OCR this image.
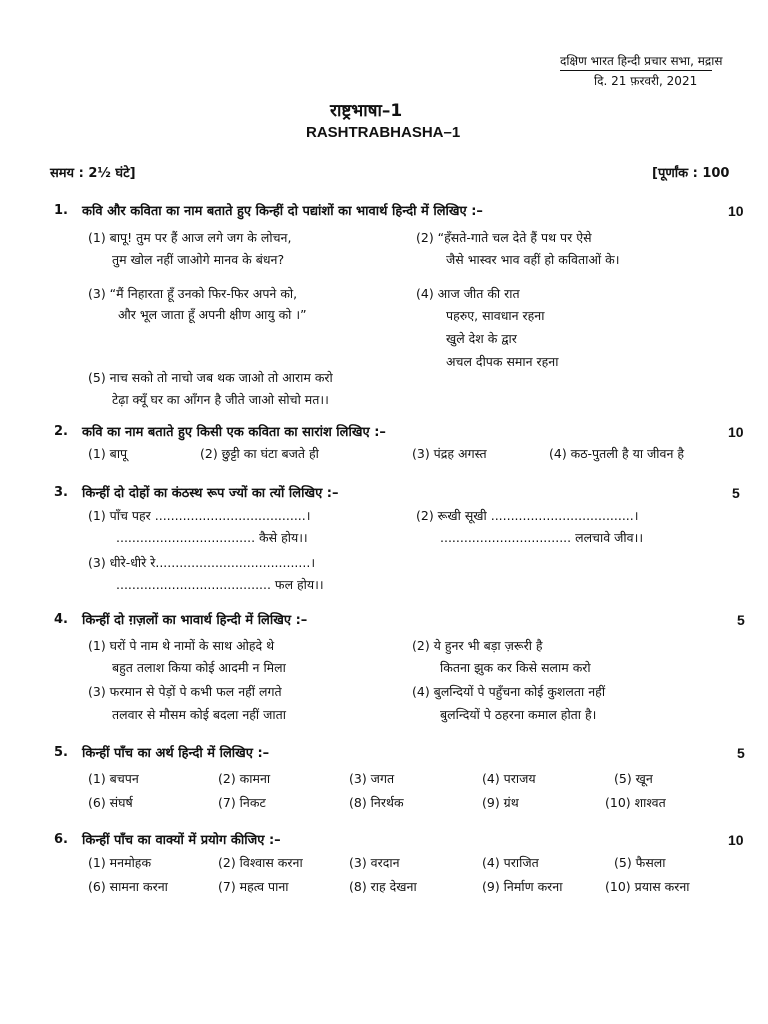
दक्षिण भारत हिन्दी प्रचार सभा, मद्रास
दि. 21 फ़रवरी, 2021
राष्ट्रभाषा–1
RASHTRABHASHA–1
समय : 2½ घंटे]	[पूर्णांक : 100
1. कवि और कविता का नाम बताते हुए किन्हीं दो पद्यांशों का भावार्थ हिन्दी में लिखिए :–	10
(1) बापू! तुम पर हैं आज लगे जग के लोचन,
तुम खोल नहीं जाओगे मानव के बंधन?
(2) “हँसते-गाते चल देते हैं पथ पर ऐसे
जैसे भास्वर भाव वहीं हो कविताओं के।
(3) “मैं निहारता हूँ उनको फिर-फिर अपने को,
और भूल जाता हूँ अपनी क्षीण आयु को ।”
(4) आज जीत की रात
पहरुए, सावधान रहना
खुले देश के द्वार
अचल दीपक समान रहना
(5) नाच सको तो नाचो जब थक जाओ तो आराम करो
टेढ़ा क्यूँ घर का आँगन है जीते जाओ सोचो मत।।
2. कवि का नाम बताते हुए किसी एक कविता का सारांश लिखिए :–	10
(1) बापू	(2) छुट्टी का घंटा बजते ही	(3) पंद्रह अगस्त	(4) कठ-पुतली है या जीवन है
3. किन्हीं दो दोहों का कंठस्थ रूप ज्यों का त्यों लिखिए :–	5
(1) पाँच पहर ......................................।
................................... कैसे होय।।
(2) रूखी सूखी ....................................।
................................. ललचावे जीव।।
(3) धीरे-धीरे रे.......................................।
....................................... फल होय।।
4. किन्हीं दो ग़ज़लों का भावार्थ हिन्दी में लिखिए :–	5
(1) घरों पे नाम थे नामों के साथ ओहदे थे
बहुत तलाश किया कोई आदमी न मिला
(2) ये हुनर भी बड़ा ज़रूरी है
कितना झुक कर किसे सलाम करो
(3) फरमान से पेड़ों पे कभी फल नहीं लगते
तलवार से मौसम कोई बदला नहीं जाता
(4) बुलन्दियों पे पहुँचना कोई कुशलता नहीं
बुलन्दियों पे ठहरना कमाल होता है।
5. किन्हीं पाँच का अर्थ हिन्दी में लिखिए :–	5
(1) बचपन	(2) कामना	(3) जगत	(4) पराजय	(5) खून
(6) संघर्ष	(7) निकट	(8) निरर्थक	(9) ग्रंथ	(10) शाश्वत
6. किन्हीं पाँच का वाक्यों में प्रयोग कीजिए :–	10
(1) मनमोहक	(2) विश्वास करना	(3) वरदान	(4) पराजित	(5) फैसला
(6) सामना करना	(7) महत्व पाना	(8) राह देखना	(9) निर्माण करना	(10) प्रयास करना
